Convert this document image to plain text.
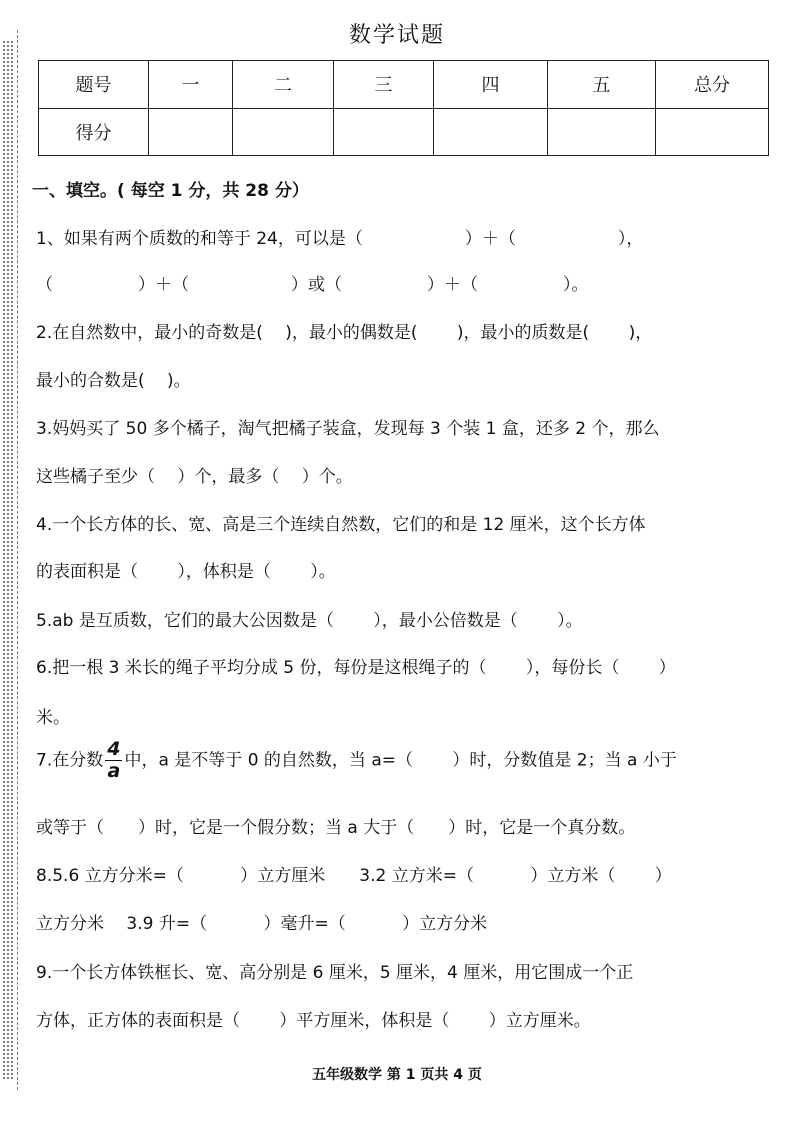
数学试题
题号	一	二	三	四	五	总分
得分						
一、填空。( 每空 1 分，共 28 分）
1、如果有两个质数的和等于 24，可以是（　　　　　　）＋（　　　　　　），
（　　　　　）＋（　　　　　　）或（　　　　　）＋（　　　　　）。
2.在自然数中，最小的奇数是(　 )，最小的偶数是(　　 )，最小的质数是(　　 )，
最小的合数是(　 )。
3.妈妈买了 50 多个橘子，淘气把橘子装盒，发现每 3 个装 1 盒，还多 2 个，那么
这些橘子至少（　 ）个，最多（　 ）个。
4.一个长方体的长、宽、高是三个连续自然数，它们的和是 12 厘米，这个长方体
的表面积是（　　 ），体积是（　　 ）。
5.ab 是互质数，它们的最大公因数是（　　 ），最小公倍数是（　　 ）。
6.把一根 3 米长的绳子平均分成 5 份，每份是这根绳子的（　　 ），每份长（　　 ）
米。
7.在分数 $\frac{4}{a}$ 中，a 是不等于 0 的自然数，当 a=（　　 ）时，分数值是 2；当 a 小于
或等于（　　）时，它是一个假分数；当 a 大于（　　）时，它是一个真分数。
8.5.6 立方分米=（　　　 ）立方厘米　　3.2 立方米=（　　　 ）立方米（　　 ）
立方分米　 3.9 升=（　　　 ）毫升=（　　　 ）立方分米
9.一个长方体铁框长、宽、高分别是 6 厘米，5 厘米，4 厘米，用它围成一个正
方体，正方体的表面积是（　　 ）平方厘米，体积是（　　 ）立方厘米。
五年级数学 第 1 页共 4 页
